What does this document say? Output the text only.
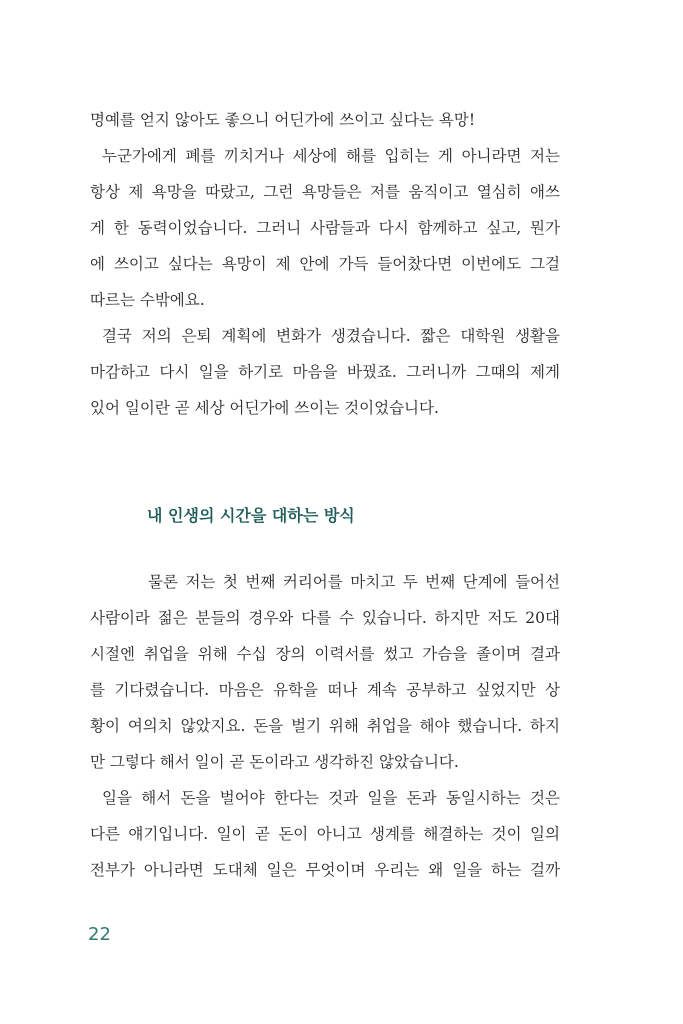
명예를 얻지 않아도 좋으니 어딘가에 쓰이고 싶다는 욕망!
누군가에게 폐를 끼치거나 세상에 해를 입히는 게 아니라면 저는
항상 제 욕망을 따랐고, 그런 욕망들은 저를 움직이고 열심히 애쓰
게 한 동력이었습니다. 그러니 사람들과 다시 함께하고 싶고, 뭔가
에 쓰이고 싶다는 욕망이 제 안에 가득 들어찼다면 이번에도 그걸
따르는 수밖에요.
결국 저의 은퇴 계획에 변화가 생겼습니다. 짧은 대학원 생활을
마감하고 다시 일을 하기로 마음을 바꿨죠. 그러니까 그때의 제게
있어 일이란 곧 세상 어딘가에 쓰이는 것이었습니다.
내 인생의 시간을 대하는 방식
물론 저는 첫 번째 커리어를 마치고 두 번째 단계에 들어선
사람이라 젊은 분들의 경우와 다를 수 있습니다. 하지만 저도 20대
시절엔 취업을 위해 수십 장의 이력서를 썼고 가슴을 졸이며 결과
를 기다렸습니다. 마음은 유학을 떠나 계속 공부하고 싶었지만 상
황이 여의치 않았지요. 돈을 벌기 위해 취업을 해야 했습니다. 하지
만 그렇다 해서 일이 곧 돈이라고 생각하진 않았습니다.
일을 해서 돈을 벌어야 한다는 것과 일을 돈과 동일시하는 것은
다른 얘기입니다. 일이 곧 돈이 아니고 생계를 해결하는 것이 일의
전부가 아니라면 도대체 일은 무엇이며 우리는 왜 일을 하는 걸까
22
